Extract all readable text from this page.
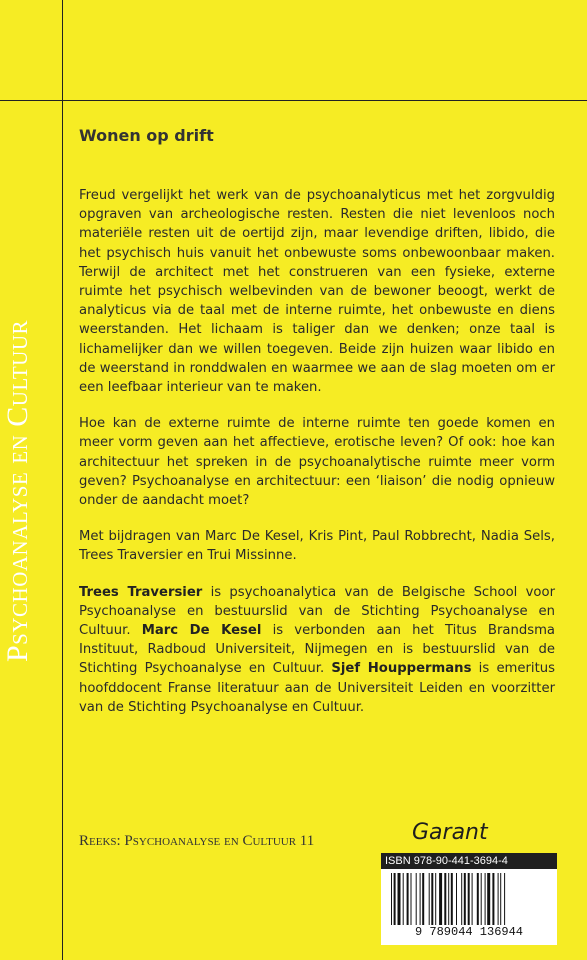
Psychoanalyse en Cultuur
Wonen op drift

Freud vergelijkt het werk van de psychoanalyticus met het zorgvuldig opgraven van archeologische resten. Resten die niet levenloos noch materiële resten uit de oertijd zijn, maar levendige driften, libido, die het psychisch huis vanuit het onbewuste soms onbewoonbaar maken. Terwijl de architect met het construeren van een fysieke, externe ruimte het psychisch welbevinden van de bewoner beoogt, werkt de analyticus via de taal met de interne ruimte, het onbewuste en diens weerstanden. Het lichaam is taliger dan we denken; onze taal is lichamelijker dan we willen toegeven. Beide zijn huizen waar libido en de weerstand in ronddwalen en waarmee we aan de slag moeten om er een leefbaar interieur van te maken.

Hoe kan de externe ruimte de interne ruimte ten goede komen en meer vorm geven aan het affectieve, erotische leven? Of ook: hoe kan architectuur het spreken in de psychoanalytische ruimte meer vorm geven? Psychoanalyse en architectuur: een ‘liaison’ die nodig opnieuw onder de aandacht moet?

Met bijdragen van Marc De Kesel, Kris Pint, Paul Robbrecht, Nadia Sels, Trees Traversier en Trui Missinne.

Trees Traversier is psychoanalytica van de Belgische School voor Psychoanalyse en bestuurslid van de Stichting Psychoanalyse en Cultuur. Marc De Kesel is verbonden aan het Titus Brandsma Instituut, Radboud Universiteit, Nijmegen en is bestuurslid van de Stichting Psychoanalyse en Cultuur. Sjef Houppermans is emeritus hoofddocent Franse literatuur aan de Universiteit Leiden en voorzitter van de Stichting Psychoanalyse en Cultuur.

Reeks: Psychoanalyse en Cultuur 11	Garant
ISBN 978-90-441-3694-4
9 789044 136944
